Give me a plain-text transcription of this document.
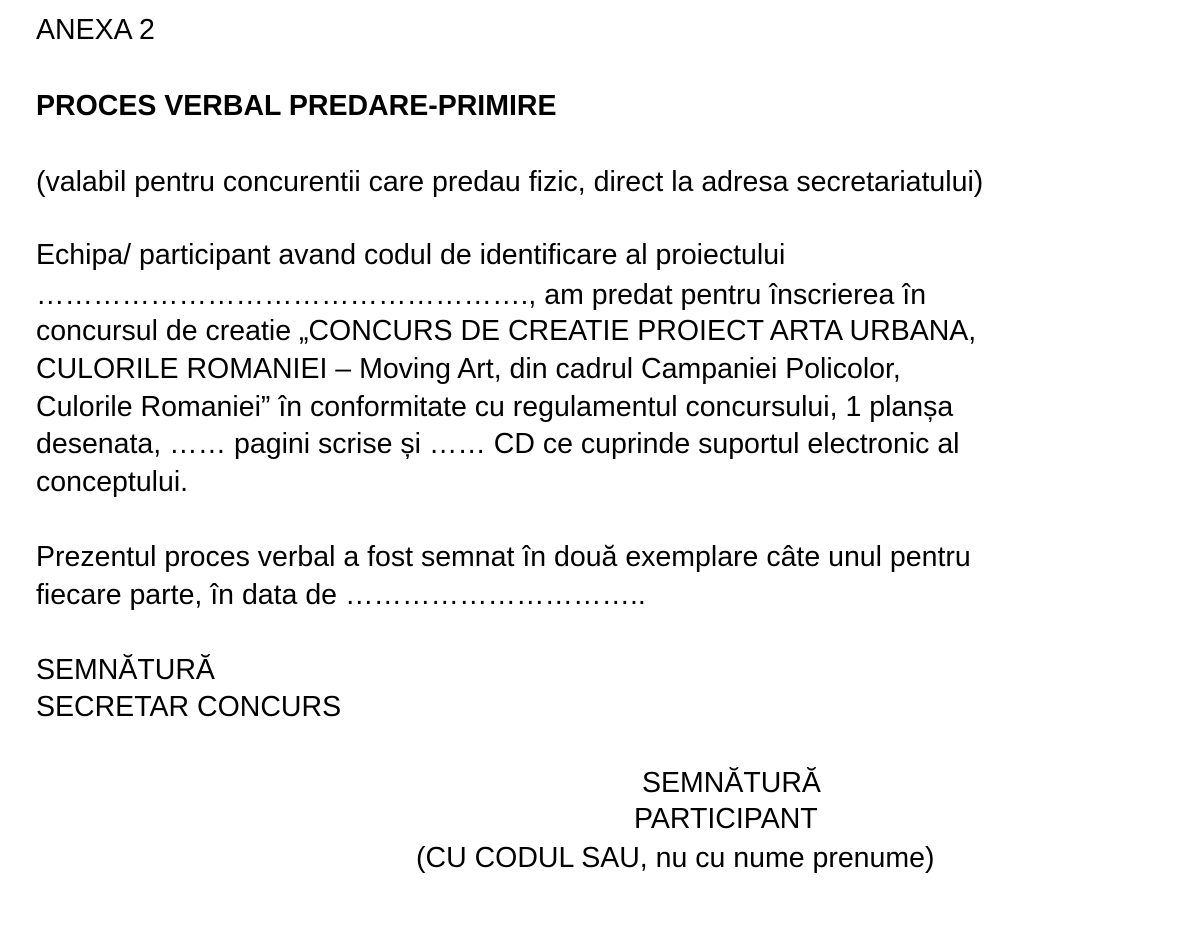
ANEXA 2

PROCES VERBAL PREDARE-PRIMIRE

(valabil pentru concurentii care predau fizic, direct la adresa secretariatului)

Echipa/ participant avand codul de identificare al proiectului

……………………………………………., am predat pentru înscrierea în

concursul de creatie „CONCURS DE CREATIE PROIECT ARTA URBANA,

CULORILE ROMANIEI – Moving Art, din cadrul Campaniei Policolor,

Culorile Romaniei” în conformitate cu regulamentul concursului, 1 planșa

desenata, …… pagini scrise și …… CD ce cuprinde suportul electronic al

conceptului.

Prezentul proces verbal a fost semnat în două exemplare câte unul pentru

fiecare parte, în data de …………………………..

SEMNĂTURĂ

SECRETAR CONCURS

SEMNĂTURĂ

PARTICIPANT

(CU CODUL SAU, nu cu nume prenume)
